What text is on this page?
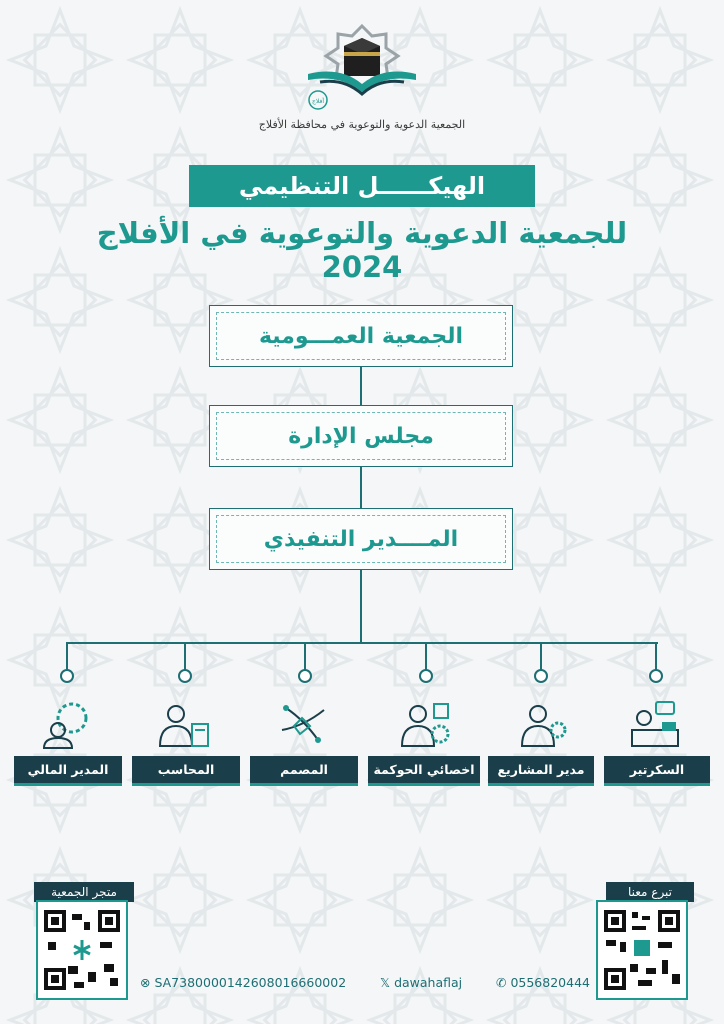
أفلاج
الجمعية الدعوية والتوعوية في محافظة الأفلاج
الهيكــــــل التنظيمي
للجمعية الدعوية والتوعوية في الأفلاج 2024
الجمعية العمـــومية
مجلس الإدارة
المــــدير التنفيذي
السكرتير
مدير المشاريع
اخصائي الحوكمة
المصمم
المحاسب
المدير المالي
تبرع معنا
متجر الجمعية
⊗ SA7380000142608016660002	𝕏 dawahaflaj	✆ 0556820444
